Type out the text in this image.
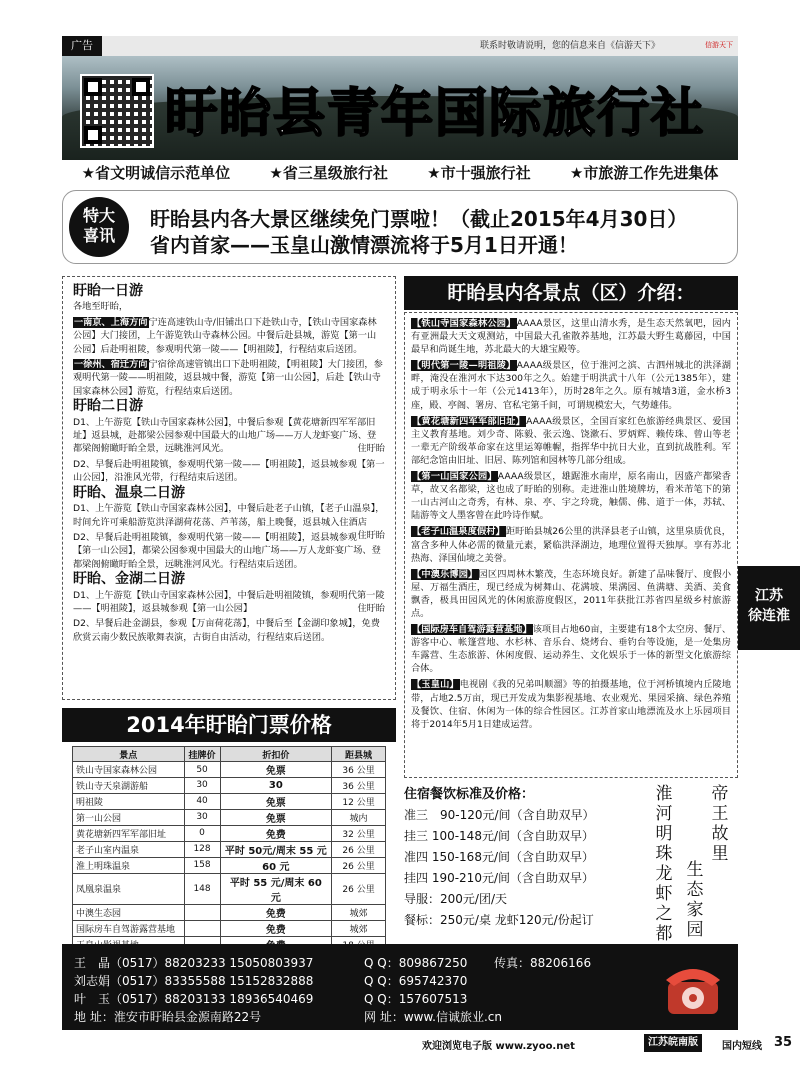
广告	联系时敬请说明，您的信息来自《信游天下》	信游天下
盱眙县青年国际旅行社
★省文明诚信示范单位	★省三星级旅行社	★市十强旅行社	★市旅游工作先进集体
特大
喜讯
盱眙县内各大景区继续免门票啦！（截止2015年4月30日）
省内首家——玉皇山激情漂流将于5月1日开通！
盱眙一日游

各地至盱眙，

一南京、上海方向宁连高速铁山寺/旧铺出口下赴铁山寺，【铁山寺国家森林公园】大门接团，上午游览铁山寺森林公园。中餐后赴县城，游览【第一山公园】后赴明祖陵，参观明代第一陵——【明祖陵】，行程结束后送团。

一徐州、宿迁方向宁宿徐高速管镇出口下赴明祖陵，【明祖陵】大门接团，参观明代第一陵——明祖陵，返县城中餐，游览【第一山公园】，后赴【铁山寺国家森林公园】游览，行程结束后送团。

盱眙二日游

D1、上午游览【铁山寺国家森林公园】，中餐后参观【黄花塘新四军军部旧址】返县城，赴都梁公园参观中国最大的山地广场——万人龙虾宴广场、登都梁阁俯瞰盱眙全景，远眺淮河风光。	住盱眙

D2、早餐后赴明祖陵镇，参观明代第一陵——【明祖陵】，返县城参观【第一山公园】，沿淮风光带，行程结束后送团。

盱眙、温泉二日游

D1、上午游览【铁山寺国家森林公园】，中餐后赴老子山镇，【老子山温泉】，时间允许可乘船游览洪泽湖荷花荡、芦苇荡，船上晚餐，返县城入住酒店
住盱眙

D2、早餐后赴明祖陵镇，参观明代第一陵——【明祖陵】，返县城参观【第一山公园】，都梁公园参观中国最大的山地广场——万人龙虾宴广场、登都梁阁俯瞰盱眙全景，远眺淮河风光。行程结束后送团。

盱眙、金湖二日游

D1、上午游览【铁山寺国家森林公园】，中餐后赴明祖陵镇，参观明代第一陵——【明祖陵】，返县城参观【第一山公园】	住盱眙

D2、早餐后赴金湖县，参观【万亩荷花荡】，中餐后至【金湖印象城】，免费欣赏云南少数民族歌舞表演，古街自由活动，行程结束后送团。

2014年盱眙门票价格
景点	挂牌价	折扣价	距县城
铁山寺国家森林公园	50	免票	36 公里
铁山寺天泉湖游船	30	30	36 公里
明祖陵	40	免票	12 公里
第一山公园	30	免票	城内
黄花塘新四军军部旧址	0	免费	32 公里
老子山室内温泉	128	平时 50元/周末 55 元	26 公里
淮上明珠温泉	158	60 元	26 公里
凤凰泉温泉	148	平时 55 元/周末 60 元	26 公里
中澳生态园		免费	城郊
国际房车自驾游露营基地		免费	城郊

盱眙县内各景点（区）介绍：

【铁山寺国家森林公园】AAAA景区，这里山清水秀，是生态天然氧吧，园内有亚洲最大天文观测站，中国最大孔雀散养基地，江苏最大野生葛藤园，中国最早和尚诞生地，苏北最大的大雄宝殿等。

【明代第一陵—明祖陵】AAAA级景区，位于淮河之滨、古泗州城北的洪泽湖畔，淹没在淮河水下达300年之久。始建于明洪武十八年（公元1385年），建成于明永乐十一年（公元1413年），历时28年之久。原有城墙3道，金水桥3座，殿、亭阁、署房、官私宅第千间，可谓规模宏大，气势雄伟。

【黄花塘新四军军部旧址】AAAA级景区，全国百家红色旅游经典景区、爱国主义教育基地。刘少奇、陈毅、张云逸、饶漱石、罗炳辉、赖传珠、曾山等老一辈无产阶级革命家在这里运筹帷幄，指挥华中抗日大业，直到抗战胜利。军部纪念馆由旧址、旧居、陈列馆和园林等几部分组成。

【第一山国家公园】AAAA级景区，雄踞淮水南岸，原名南山，因盛产都梁香草，故又名都梁，这也成了盱眙的别称。走进淮山胜境牌坊，看米芾笔下的第一山古河山之奇秀，有林、泉、亭、宇之玲珑，触儒、佛、道于一体，苏轼、陆游等文人墨客曾在此吟诗作赋。

【老子山温泉度假村】距盱眙县城26公里的洪泽县老子山镇，这里泉质优良，富含多种人体必需的微量元素，紧临洪泽湖边，地理位置得天独厚。享有苏北热海、泽国仙境之美誉。

【中澳乐博园】园区四周林木繁茂，生态环境良好。新建了品味餐厅、度假小屋、万福生酒庄，现已经成为树舞山、花满坡、果满园、鱼满塘、美酒、美食飘香，极具田园风光的休闲旅游度假区，2011年获批江苏省四星级乡村旅游点。

【国际房车自驾游露营基地】该项目占地60亩，主要建有18个太空房、餐厅、游客中心、帐篷营地、水杉林、音乐台、烧烤台、垂钓台等设施，是一处集房车露营、生态旅游、休闲度假、运动养生、文化娱乐于一体的新型文化旅游综合体。

【玉皇山】电视剧《我的兄弟叫顺溜》等的拍摄基地，位于河桥镇境内丘陵地带，占地2.5万亩，现已开发成为集影视基地、农业观光、果园采摘、绿色养殖及餐饮、住宿、休闲为一体的综合性园区。江苏首家山地漂流及水上乐园项目将于2014年5月1日建成运营。

江苏
徐连淮
住宿餐饮标准及价格：
准三　90-120元/间（含自助双早）
挂三 100-148元/间（含自助双早）
准四 150-168元/间（含自助双早）
挂四 190-210元/间（含自助双早）
导服：200元/团/天
餐标：250元/桌 龙虾120元/份起订
帝王故里
生态家园
淮河明珠
龙虾之都
王　晶（0517）88203233 15050803937	Q Q：809867250 传真：88206166
刘志娟（0517）83355588 15152832888	Q Q：695742370
叶　玉（0517）88203133 18936540469	Q Q：157607513
地 址：淮安市盱眙县金源南路22号	网 址：www.信诚旅业.cn
欢迎浏览电子版 www.zyoo.net	江苏皖南版	国内短线 35
